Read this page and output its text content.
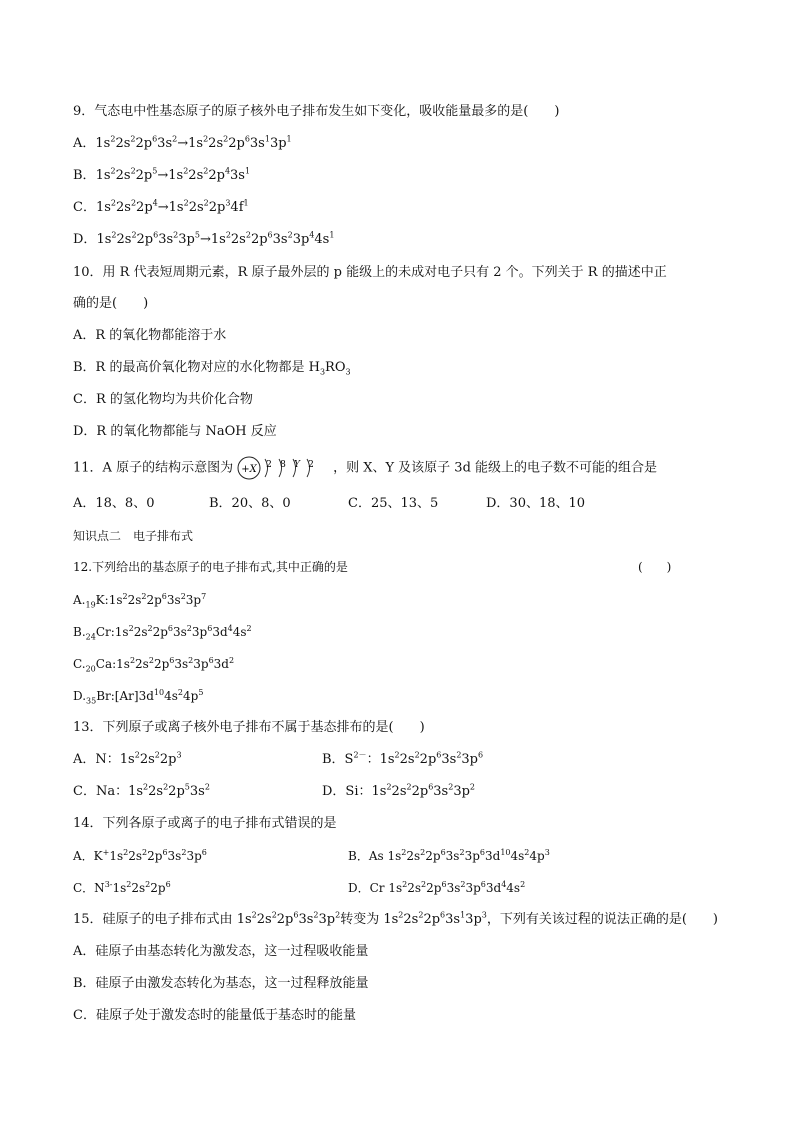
9．气态电中性基态原子的原子核外电子排布发生如下变化，吸收能量最多的是(　　)
A．$1s^22s^22p^63s^2\to 1s^22s^22p^63s^13p^1$
B．$1s^22s^22p^5\to 1s^22s^22p^43s^1$
C．$1s^22s^22p^4\to 1s^22s^22p^34f^1$
D．$1s^22s^22p^63s^23p^5\to 1s^22s^22p^63s^23p^44s^1$
10．用 R 代表短周期元素，R 原子最外层的 p 能级上的未成对电子只有 2 个。下列关于 R 的描述中正
确的是(　　)
A．R 的氧化物都能溶于水
B．R 的最高价氧化物对应的水化物都是 $H_3RO_3$
C．R 的氢化物均为共价化合物
D．R 的氧化物都能与 NaOH 反应
11．A 原子的结构示意图为 +X 2 8 Y 2 ，则 X、Y 及该原子 3d 能级上的电子数不可能的组合是
A．18、8、0	B．20、8、0	C．25、13、5	D．30、18、10
知识点二　电子排布式
12.下列给出的基态原子的电子排布式,其中正确的是	(　　)
$A._{19}K:1s^22s^22p^63s^23p^7$
$B._{24}Cr:1s^22s^22p^63s^23p^63d^44s^2$
$C._{20}Ca:1s^22s^22p^63s^23p^63d^2$
$D._{35}Br:[Ar]3d^{10}4s^24p^5$
13．下列原子或离子核外电子排布不属于基态排布的是(　　)
A．N：$1s^22s^22p^3$	B．$S^{2-}$：$1s^22s^22p^63s^23p^6$
C．Na：$1s^22s^22p^53s^2$	D．Si：$1s^22s^22p^63s^23p^2$
14．下列各原子或离子的电子排布式错误的是
A．$K^+1s^22s^22p^63s^23p^6$	B．As $1s^22s^22p^63s^23p^63d^{10}4s^24p^3$
C．$N^{3-}1s^22s^22p^6$	D．Cr $1s^22s^22p^63s^23p^63d^44s^2$
15．硅原子的电子排布式由 $1s^22s^22p^63s^23p^2$转变为 $1s^22s^22p^63s^13p^3$，下列有关该过程的说法正确的是(　　)
A．硅原子由基态转化为激发态，这一过程吸收能量
B．硅原子由激发态转化为基态，这一过程释放能量
C．硅原子处于激发态时的能量低于基态时的能量
